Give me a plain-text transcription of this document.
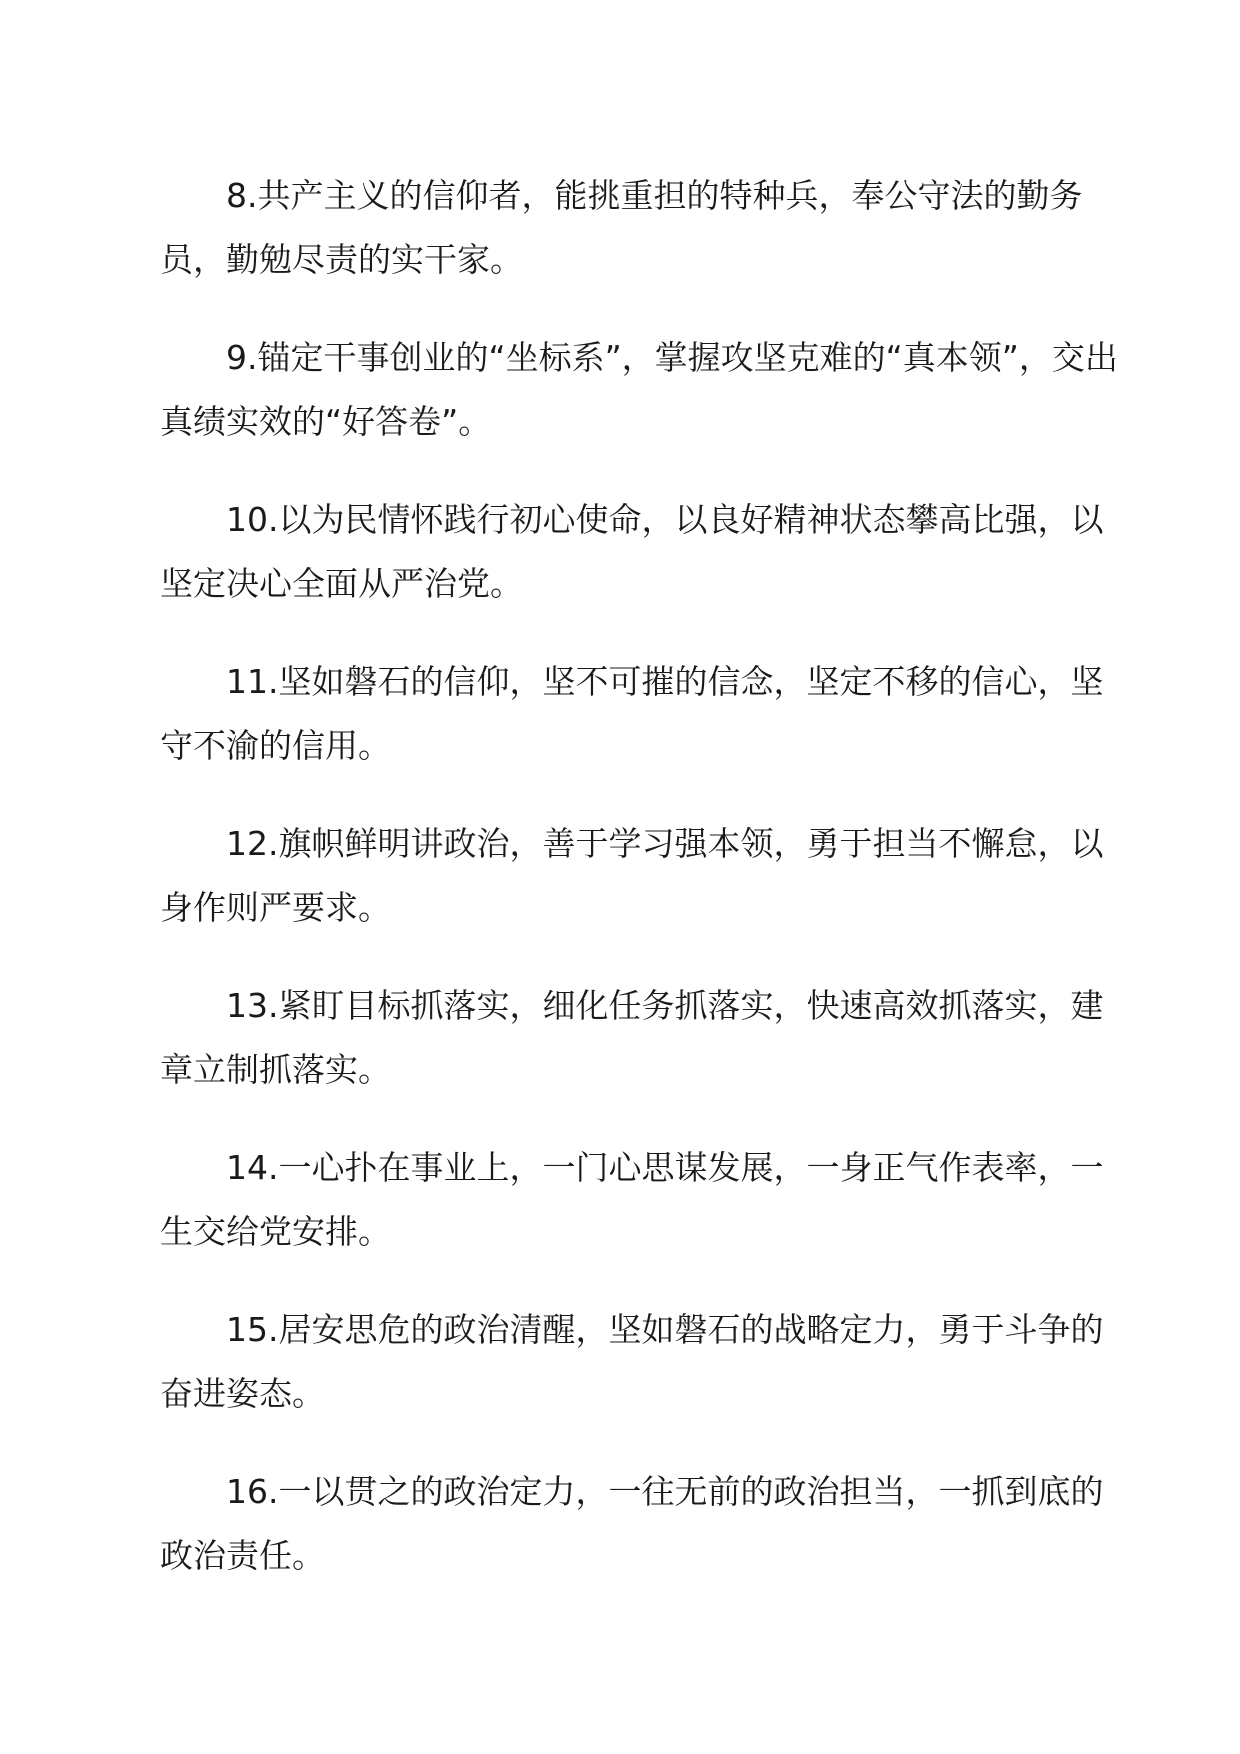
8.共产主义的信仰者，能挑重担的特种兵，奉公守法的勤务员，勤勉尽责的实干家。

9.锚定干事创业的“坐标系”，掌握攻坚克难的“真本领”，交出真绩实效的“好答卷”。

10.以为民情怀践行初心使命，以良好精神状态攀高比强，以坚定决心全面从严治党。

11.坚如磐石的信仰，坚不可摧的信念，坚定不移的信心，坚守不渝的信用。

12.旗帜鲜明讲政治，善于学习强本领，勇于担当不懈怠，以身作则严要求。

13.紧盯目标抓落实，细化任务抓落实，快速高效抓落实，建章立制抓落实。

14.一心扑在事业上，一门心思谋发展，一身正气作表率，一生交给党安排。

15.居安思危的政治清醒，坚如磐石的战略定力，勇于斗争的奋进姿态。

16.一以贯之的政治定力，一往无前的政治担当，一抓到底的政治责任。
